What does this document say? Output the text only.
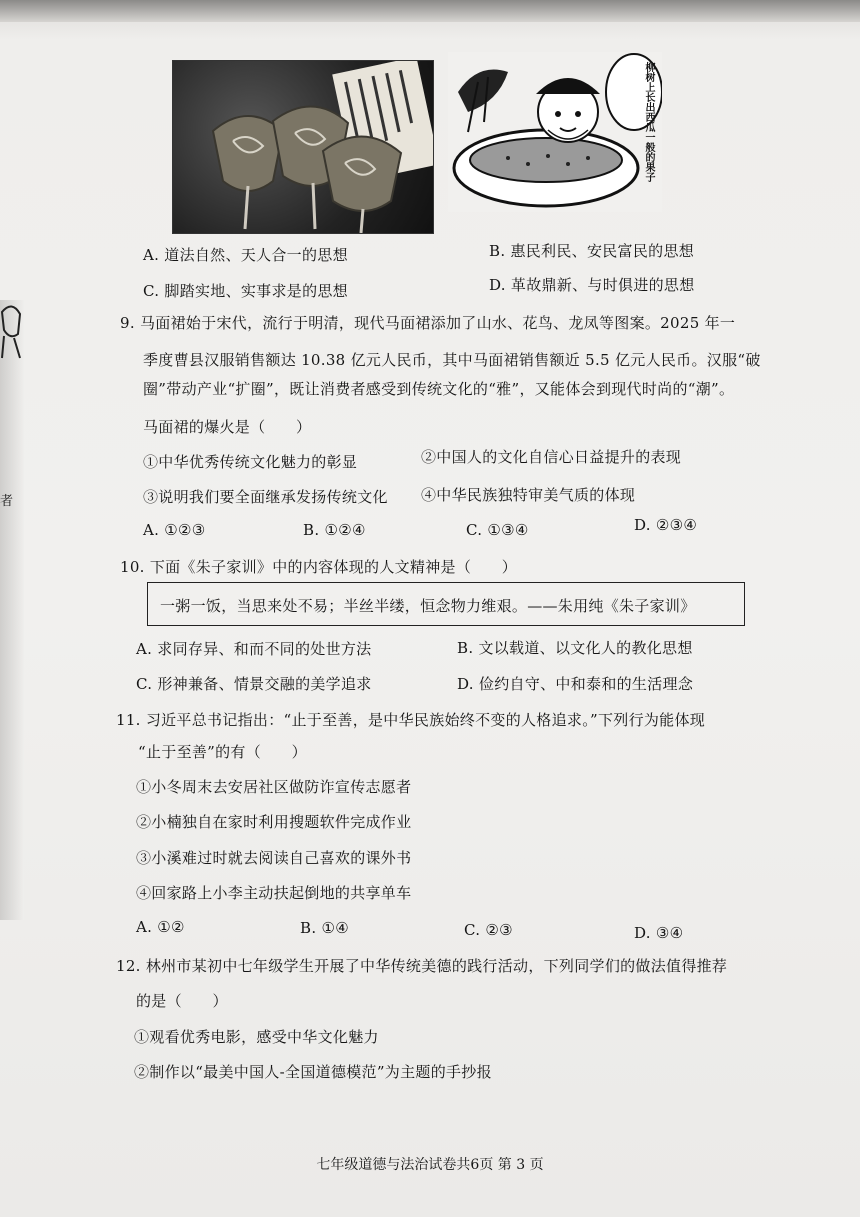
柳树上长出西瓜一般的果子
A. 道法自然、天人合一的思想	B. 惠民利民、安民富民的思想
C. 脚踏实地、实事求是的思想	D. 革故鼎新、与时俱进的思想
者
9. 马面裙始于宋代，流行于明清，现代马面裙添加了山水、花鸟、龙凤等图案。2025 年一
季度曹县汉服销售额达 10.38 亿元人民币，其中马面裙销售额近 5.5 亿元人民币。汉服“破
圈”带动产业“扩圈”，既让消费者感受到传统文化的“雅”，又能体会到现代时尚的“潮”。
马面裙的爆火是（　　）
①中华优秀传统文化魅力的彰显	②中国人的文化自信心日益提升的表现
③说明我们要全面继承发扬传统文化 ④中华民族独特审美气质的体现
A. ①②③	B. ①②④	C. ①③④	D. ②③④
10. 下面《朱子家训》中的内容体现的人文精神是（　　）
一粥一饭，当思来处不易；半丝半缕，恒念物力维艰。——朱用纯《朱子家训》
A. 求同存异、和而不同的处世方法	B. 文以载道、以文化人的教化思想
C. 形神兼备、情景交融的美学追求	D. 俭约自守、中和泰和的生活理念
11. 习近平总书记指出：“止于至善，是中华民族始终不变的人格追求。”下列行为能体现
“止于至善”的有（　　）
①小冬周末去安居社区做防诈宣传志愿者
②小楠独自在家时利用搜题软件完成作业
③小溪难过时就去阅读自己喜欢的课外书
④回家路上小李主动扶起倒地的共享单车
A. ①②	B. ①④	C. ②③	D. ③④
12. 林州市某初中七年级学生开展了中华传统美德的践行活动，下列同学们的做法值得推荐
的是（　　）
①观看优秀电影，感受中华文化魅力
②制作以“最美中国人-全国道德模范”为主题的手抄报
七年级道德与法治试卷共6页 第 3 页
